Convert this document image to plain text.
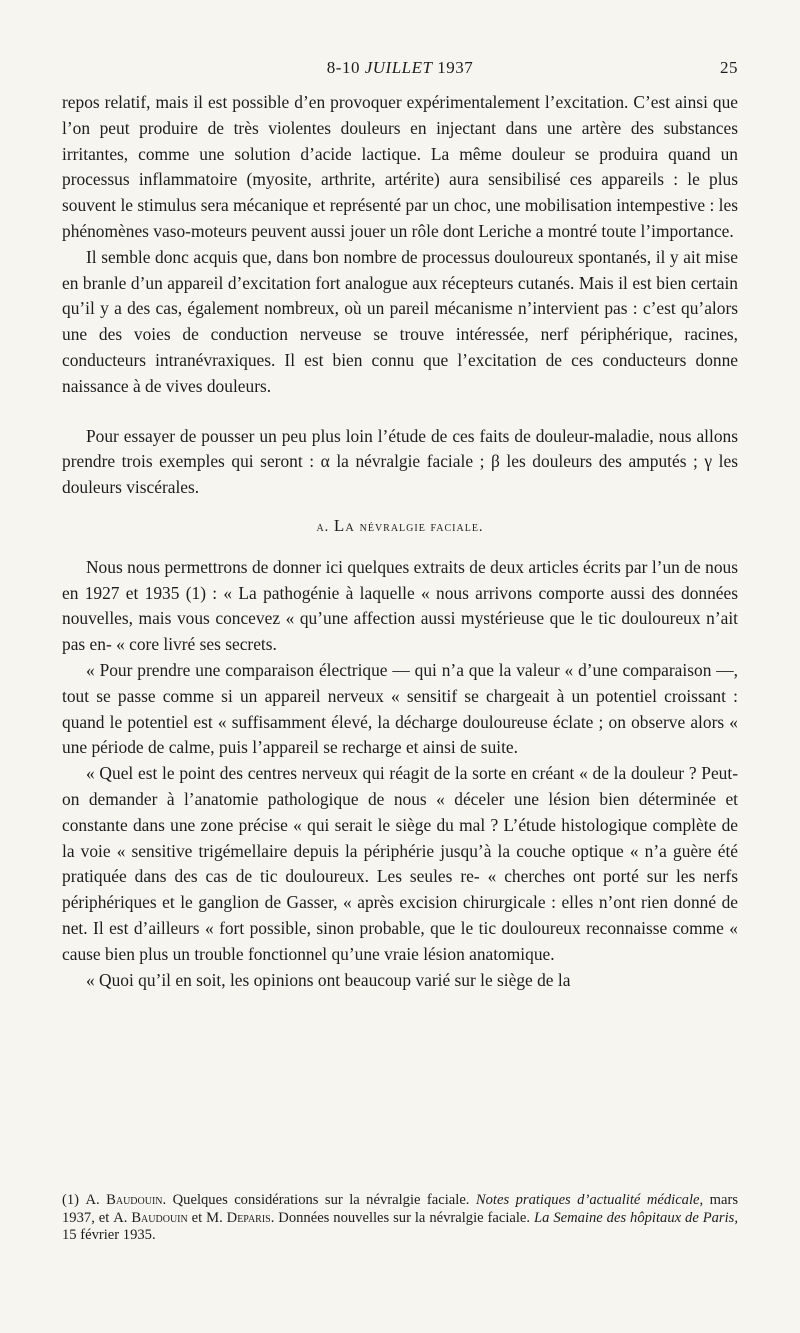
8-10 JUILLET 1937	25

repos relatif, mais il est possible d’en provoquer expérimentalement l’excitation. C’est ainsi que l’on peut produire de très violentes douleurs en injectant dans une artère des substances irritantes, comme une solution d’acide lactique. La même douleur se produira quand un processus inflammatoire (myosite, arthrite, artérite) aura sensibilisé ces appareils : le plus souvent le stimulus sera mécanique et représenté par un choc, une mobilisation intempestive : les phénomènes vaso-moteurs peuvent aussi jouer un rôle dont Leriche a montré toute l’importance.

Il semble donc acquis que, dans bon nombre de processus douloureux spontanés, il y ait mise en branle d’un appareil d’excitation fort analogue aux récepteurs cutanés. Mais il est bien certain qu’il y a des cas, également nombreux, où un pareil mécanisme n’intervient pas : c’est qu’alors une des voies de conduction nerveuse se trouve intéressée, nerf périphérique, racines, conducteurs intranévraxiques. Il est bien connu que l’excitation de ces conducteurs donne naissance à de vives douleurs.

Pour essayer de pousser un peu plus loin l’étude de ces faits de douleur-maladie, nous allons prendre trois exemples qui seront : α la névralgie faciale ; β les douleurs des amputés ; γ les douleurs viscérales.

α. La névralgie faciale.

Nous nous permettrons de donner ici quelques extraits de deux articles écrits par l’un de nous en 1927 et 1935 (1) : « La pathogénie à laquelle « nous arrivons comporte aussi des données nouvelles, mais vous concevez « qu’une affection aussi mystérieuse que le tic douloureux n’ait pas en- « core livré ses secrets.

« Pour prendre une comparaison électrique — qui n’a que la valeur « d’une comparaison —, tout se passe comme si un appareil nerveux « sensitif se chargeait à un potentiel croissant : quand le potentiel est « suffisamment élevé, la décharge douloureuse éclate ; on observe alors « une période de calme, puis l’appareil se recharge et ainsi de suite.

« Quel est le point des centres nerveux qui réagit de la sorte en créant « de la douleur ? Peut-on demander à l’anatomie pathologique de nous « déceler une lésion bien déterminée et constante dans une zone précise « qui serait le siège du mal ? L’étude histologique complète de la voie « sensitive trigémellaire depuis la périphérie jusqu’à la couche optique « n’a guère été pratiquée dans des cas de tic douloureux. Les seules re- « cherches ont porté sur les nerfs périphériques et le ganglion de Gasser, « après excision chirurgicale : elles n’ont rien donné de net. Il est d’ailleurs « fort possible, sinon probable, que le tic douloureux reconnaisse comme « cause bien plus un trouble fonctionnel qu’une vraie lésion anatomique.

« Quoi qu’il en soit, les opinions ont beaucoup varié sur le siège de la

(1) A. Baudouin. Quelques considérations sur la névralgie faciale. Notes pratiques d’actualité médicale, mars 1937, et A. Baudouin et M. Deparis. Données nouvelles sur la névralgie faciale. La Semaine des hôpitaux de Paris, 15 février 1935.
